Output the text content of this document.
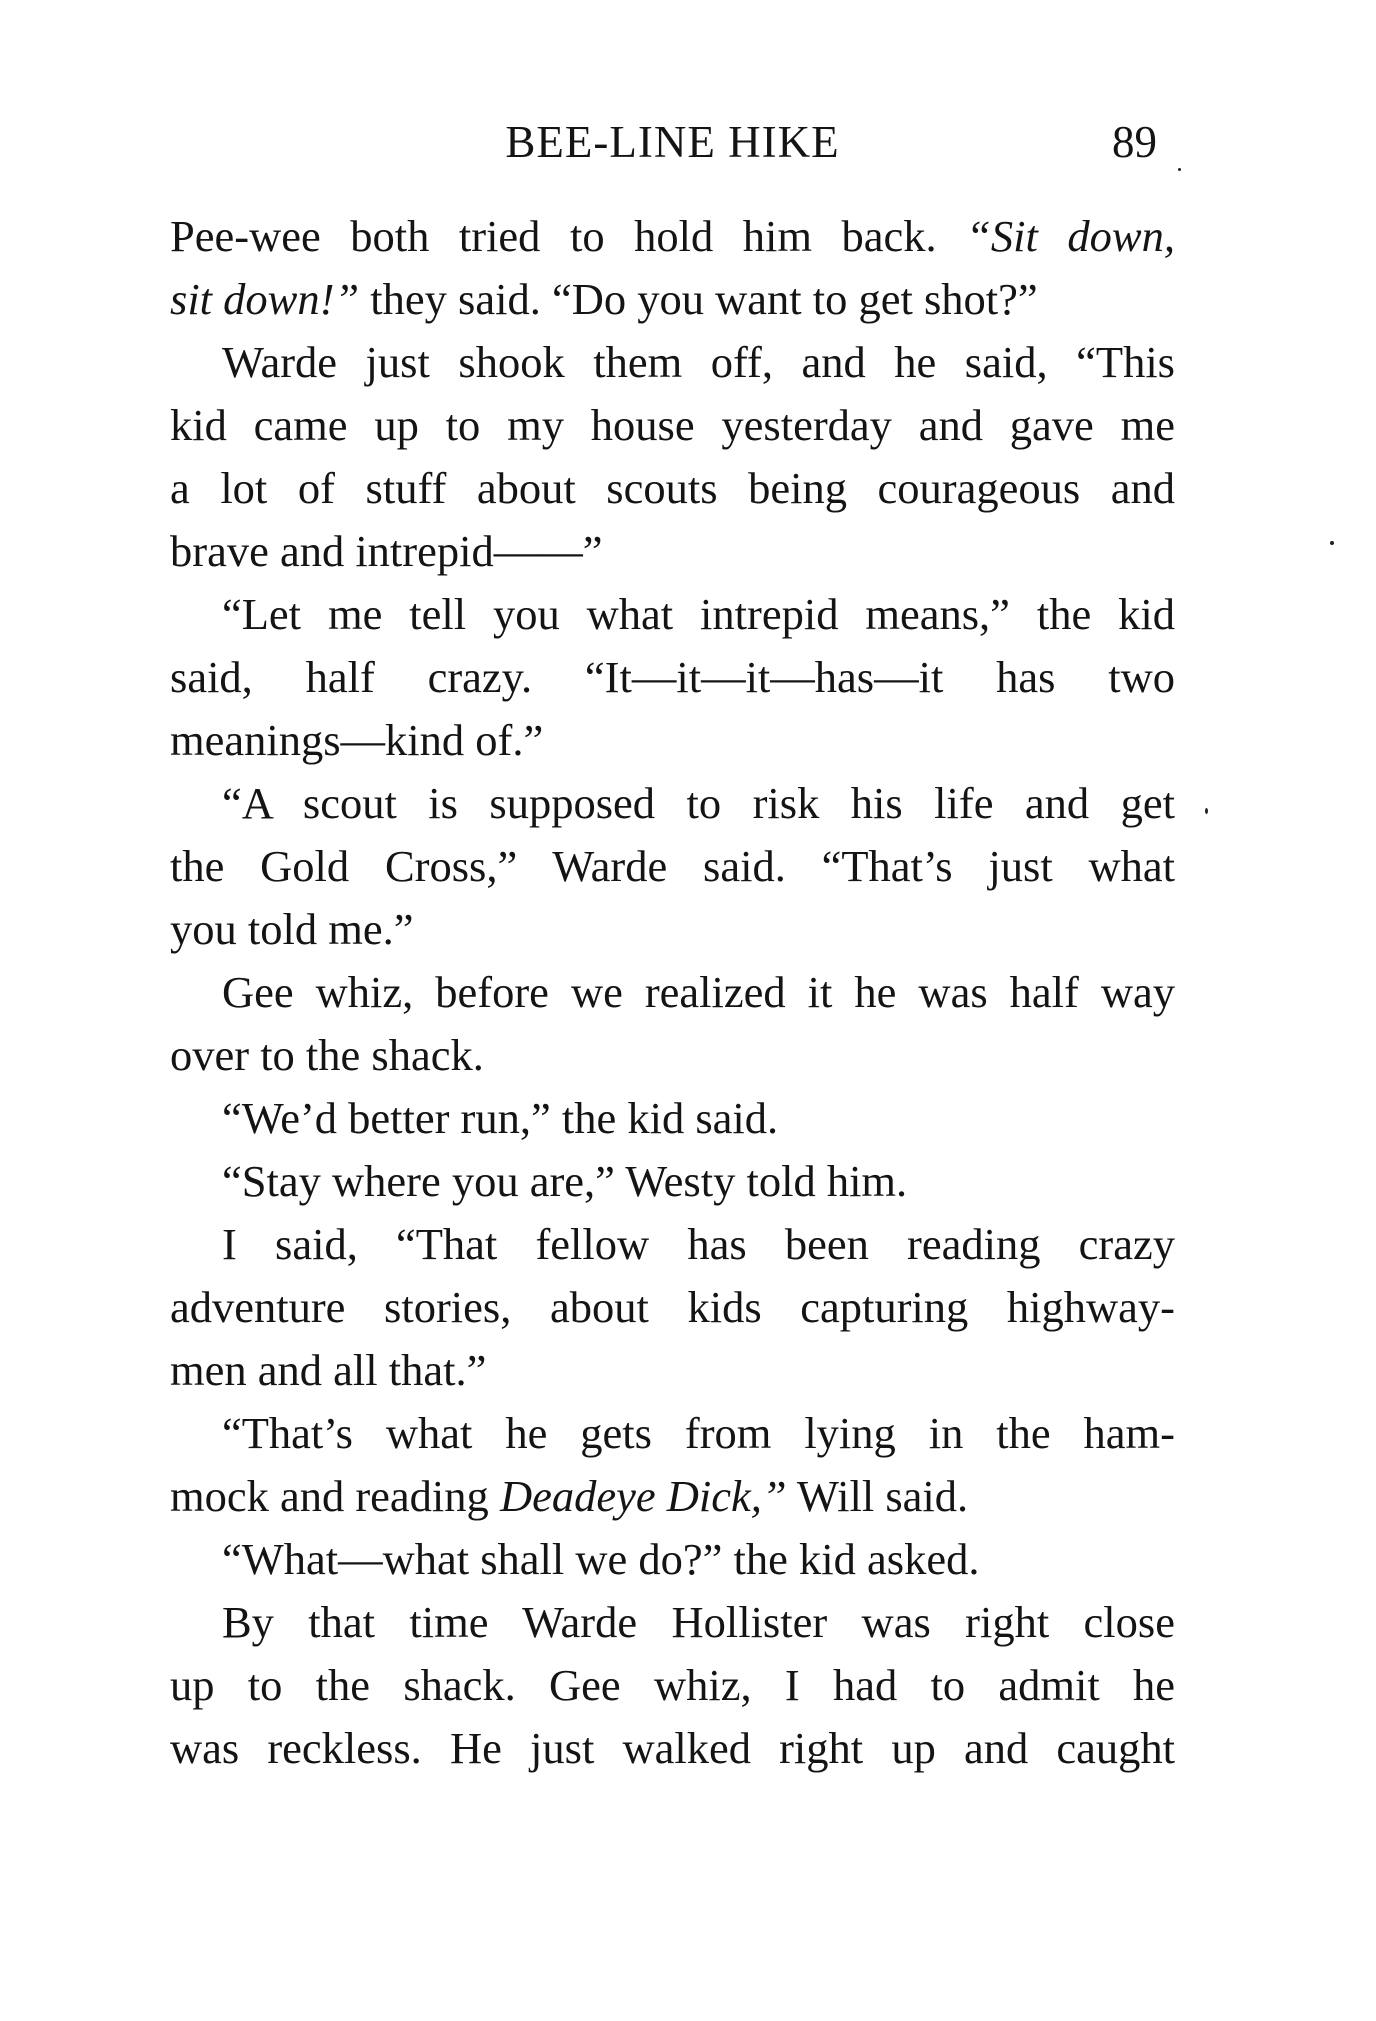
BEE-LINE HIKE	89
Pee-wee both tried to hold him back. “Sit down,
sit down!” they said. “Do you want to get shot?”
Warde just shook them off, and he said, “This
kid came up to my house yesterday and gave me
a lot of stuff about scouts being courageous and
brave and intrepid——”
“Let me tell you what intrepid means,” the kid
said, half crazy. “It—it—it—has—it has two
meanings—kind of.”
“A scout is supposed to risk his life and get
the Gold Cross,” Warde said. “That’s just what
you told me.”
Gee whiz, before we realized it he was half way
over to the shack.
“We’d better run,” the kid said.
“Stay where you are,” Westy told him.
I said, “That fellow has been reading crazy
adventure stories, about kids capturing highway-
men and all that.”
“That’s what he gets from lying in the ham-
mock and reading Deadeye Dick,” Will said.
“What—what shall we do?” the kid asked.
By that time Warde Hollister was right close
up to the shack. Gee whiz, I had to admit he
was reckless. He just walked right up and caught
